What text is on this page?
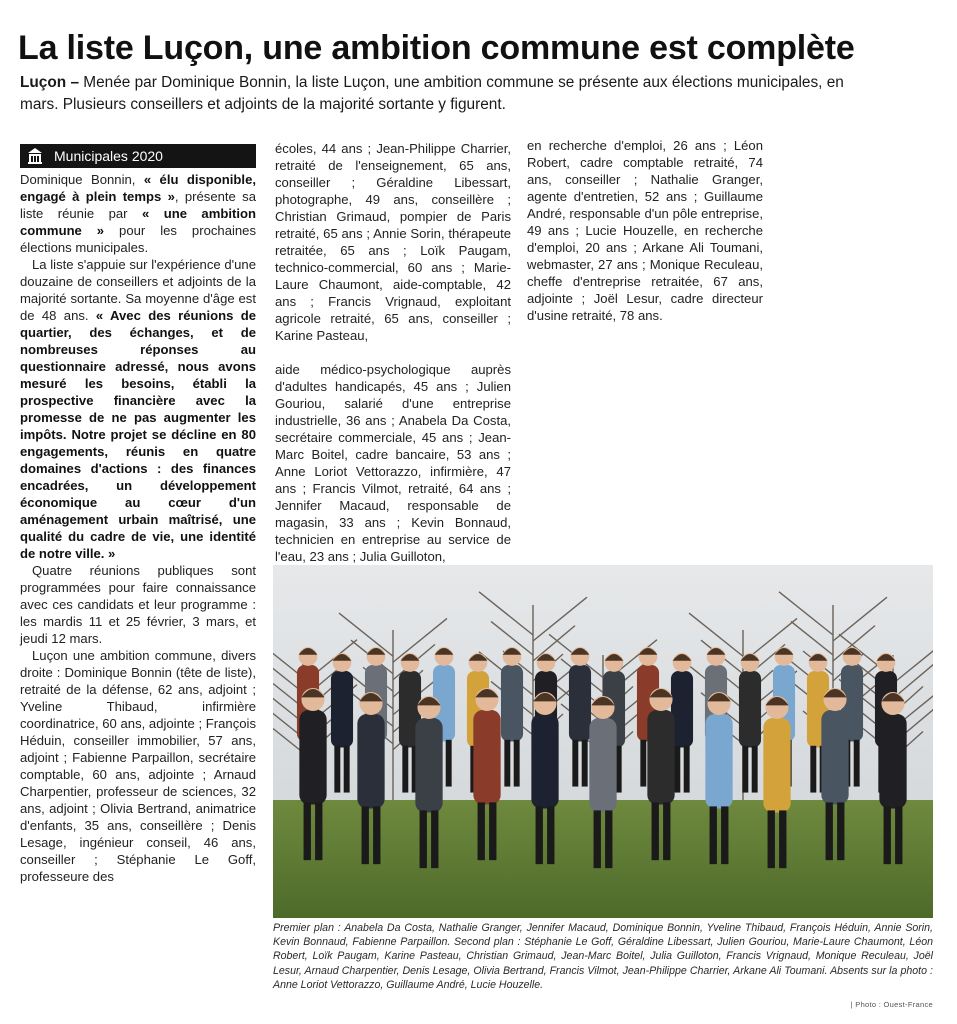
La liste Luçon, une ambition commune est complète

Luçon – Menée par Dominique Bonnin, la liste Luçon, une ambition commune se présente aux élections municipales, en mars. Plusieurs conseillers et adjoints de la majorité sortante y figurent.

Municipales 2020

Dominique Bonnin, « élu disponible, engagé à plein temps », présente sa liste réunie par « une ambition commune » pour les prochaines élections municipales.

La liste s'appuie sur l'expérience d'une douzaine de conseillers et adjoints de la majorité sortante. Sa moyenne d'âge est de 48 ans. « Avec des réunions de quartier, des échanges, et de nombreuses réponses au questionnaire adressé, nous avons mesuré les besoins, établi la prospective financière avec la promesse de ne pas augmenter les impôts. Notre projet se décline en 80 engagements, réunis en quatre domaines d'actions : des finances encadrées, un développement économique au cœur d'un aménagement urbain maîtrisé, une qualité du cadre de vie, une identité de notre ville. »

Quatre réunions publiques sont programmées pour faire connaissance avec ces candidats et leur programme : les mardis 11 et 25 février, 3 mars, et jeudi 12 mars.

Luçon une ambition commune, divers droite : Dominique Bonnin (tête de liste), retraité de la défense, 62 ans, adjoint ; Yveline Thibaud, infirmière coordinatrice, 60 ans, adjointe ; François Héduin, conseiller immobilier, 57 ans, adjoint ; Fabienne Parpaillon, secrétaire comptable, 60 ans, adjointe ; Arnaud Charpentier, professeur de sciences, 32 ans, adjoint ; Olivia Bertrand, animatrice d'enfants, 35 ans, conseillère ; Denis Lesage, ingénieur conseil, 46 ans, conseiller ; Stéphanie Le Goff, professeure des

écoles, 44 ans ; Jean-Philippe Charrier, retraité de l'enseignement, 65 ans, conseiller ; Géraldine Libessart, photographe, 49 ans, conseillère ; Christian Grimaud, pompier de Paris retraité, 65 ans ; Annie Sorin, thérapeute retraitée, 65 ans ; Loïk Paugam, technico-commercial, 60 ans ; Marie-Laure Chaumont, aide-comptable, 42 ans ; Francis Vrignaud, exploitant agricole retraité, 65 ans, conseiller ; Karine Pasteau,

aide médico-psychologique auprès d'adultes handicapés, 45 ans ; Julien Gouriou, salarié d'une entreprise industrielle, 36 ans ; Anabela Da Costa, secrétaire commerciale, 45 ans ; Jean-Marc Boitel, cadre bancaire, 53 ans ; Anne Loriot Vettorazzo, infirmière, 47 ans ; Francis Vilmot, retraité, 64 ans ; Jennifer Macaud, responsable de magasin, 33 ans ; Kevin Bonnaud, technicien en entreprise au service de l'eau, 23 ans ; Julia Guilloton,

en recherche d'emploi, 26 ans ; Léon Robert, cadre comptable retraité, 74 ans, conseiller ; Nathalie Granger, agente d'entretien, 52 ans ; Guillaume André, responsable d'un pôle entreprise, 49 ans ; Lucie Houzelle, en recherche d'emploi, 20 ans ; Arkane Ali Toumani, webmaster, 27 ans ; Monique Reculeau, cheffe d'entreprise retraitée, 67 ans, adjointe ; Joël Lesur, cadre directeur d'usine retraité, 78 ans.

Premier plan : Anabela Da Costa, Nathalie Granger, Jennifer Macaud, Dominique Bonnin, Yveline Thibaud, François Héduin, Annie Sorin, Kevin Bonnaud, Fabienne Parpaillon. Second plan : Stéphanie Le Goff, Géraldine Libessart, Julien Gouriou, Marie-Laure Chaumont, Léon Robert, Loïk Paugam, Karine Pasteau, Christian Grimaud, Jean-Marc Boitel, Julia Guilloton, Francis Vrignaud, Monique Reculeau, Joël Lesur, Arnaud Charpentier, Denis Lesage, Olivia Bertrand, Francis Vilmot, Jean-Philippe Charrier, Arkane Ali Toumani. Absents sur la photo : Anne Loriot Vettorazzo, Guillaume André, Lucie Houzelle.

| Photo : Ouest-France
